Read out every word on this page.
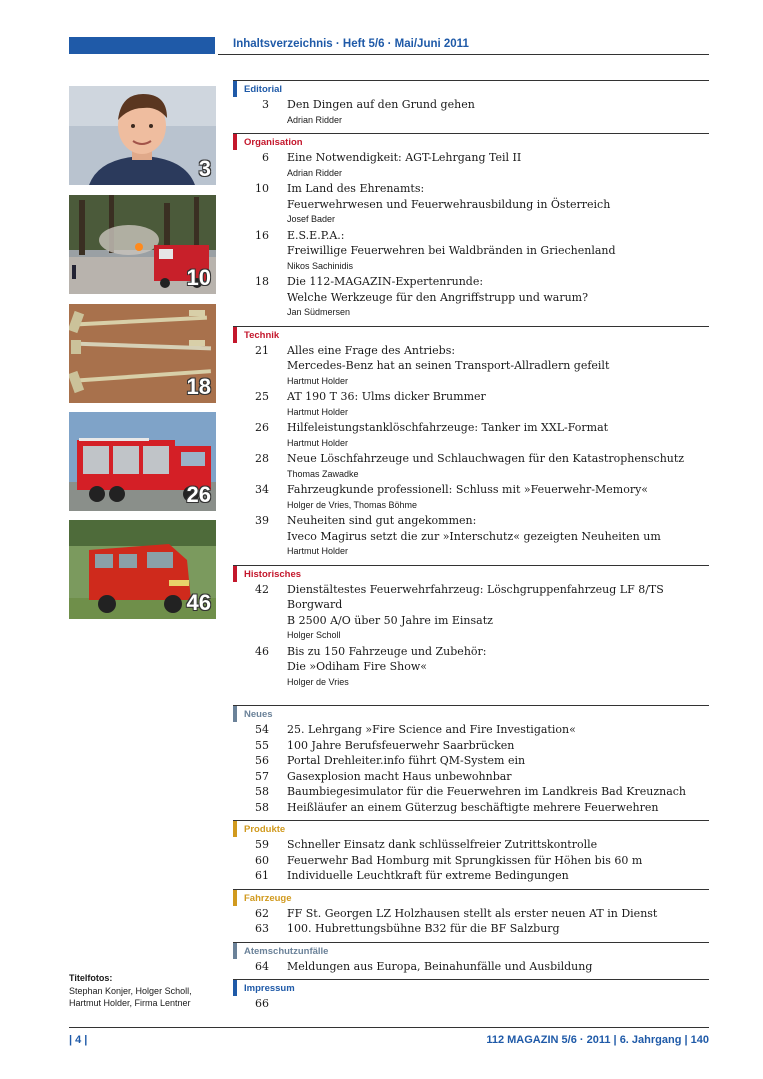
Inhaltsverzeichnis · Heft 5/6 · Mai/Juni 2011
3
10
18
26
46
Editorial
3 Den Dingen auf den Grund gehen
Adrian Ridder
Organisation
6 Eine Notwendigkeit: AGT-Lehrgang Teil II
Adrian Ridder
10 Im Land des Ehrenamts:
Feuerwehrwesen und Feuerwehrausbildung in Österreich
Josef Bader
16 E.S.E.P.A.:
Freiwillige Feuerwehren bei Waldbränden in Griechenland
Nikos Sachinidis
18 Die 112-MAGAZIN-Expertenrunde:
Welche Werkzeuge für den Angriffstrupp und warum?
Jan Südmersen
Technik
21 Alles eine Frage des Antriebs:
Mercedes-Benz hat an seinen Transport-Allradlern gefeilt
Hartmut Holder
25 AT 190 T 36: Ulms dicker Brummer
Hartmut Holder
26 Hilfeleistungstanklöschfahrzeuge: Tanker im XXL-Format
Hartmut Holder
28 Neue Löschfahrzeuge und Schlauchwagen für den Katastrophenschutz
Thomas Zawadke
34 Fahrzeugkunde professionell: Schluss mit »Feuerwehr-Memory«
Holger de Vries, Thomas Böhme
39 Neuheiten sind gut angekommen:
Iveco Magirus setzt die zur »Interschutz« gezeigten Neuheiten um
Hartmut Holder
Historisches
42 Dienstältestes Feuerwehrfahrzeug: Löschgruppenfahrzeug LF 8/TS Borgward
B 2500 A/O über 50 Jahre im Einsatz
Holger Scholl
46 Bis zu 150 Fahrzeuge und Zubehör:
Die »Odiham Fire Show«
Holger de Vries
Neues
54 25. Lehrgang »Fire Science and Fire Investigation«
55 100 Jahre Berufsfeuerwehr Saarbrücken
56 Portal Drehleiter.info führt QM-System ein
57 Gasexplosion macht Haus unbewohnbar
58 Baumbiegesimulator für die Feuerwehren im Landkreis Bad Kreuznach
58 Heißläufer an einem Güterzug beschäftigte mehrere Feuerwehren
Produkte
59 Schneller Einsatz dank schlüsselfreier Zutrittskontrolle
60 Feuerwehr Bad Homburg mit Sprungkissen für Höhen bis 60 m
61 Individuelle Leuchtkraft für extreme Bedingungen
Fahrzeuge
62 FF St. Georgen LZ Holzhausen stellt als erster neuen AT in Dienst
63 100. Hubrettungsbühne B32 für die BF Salzburg
Atemschutzunfälle
64 Meldungen aus Europa, Beinahunfälle und Ausbildung
Impressum
66

Titelfotos:
Stephan Konjer, Holger Scholl,
Hartmut Holder, Firma Lentner
| 4 |	112 MAGAZIN 5/6 · 2011 | 6. Jahrgang | 140
